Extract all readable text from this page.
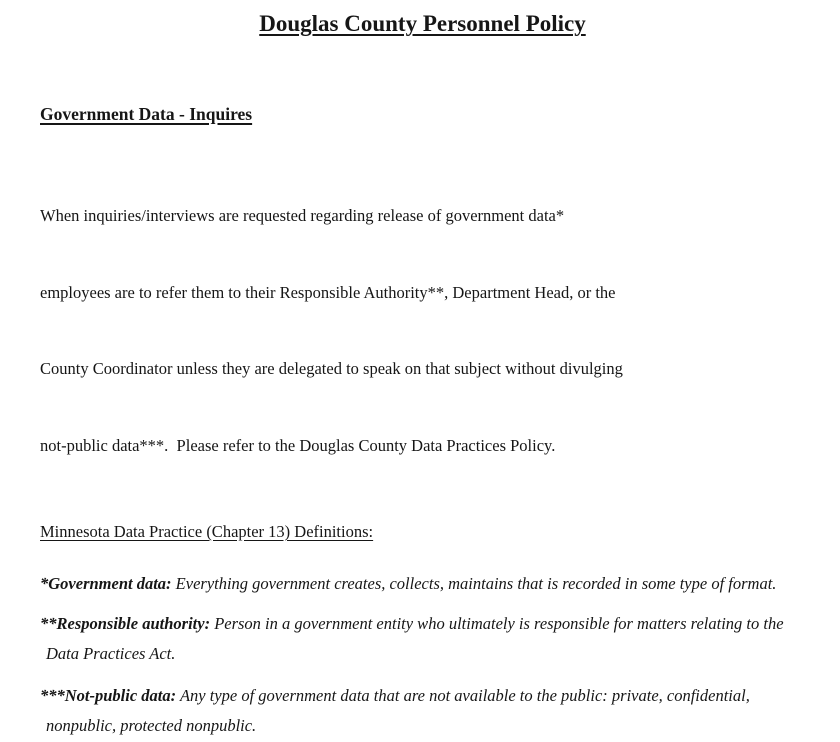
Douglas County Personnel Policy
Government Data - Inquires

When inquiries/interviews are requested regarding release of government data*

employees are to refer them to their Responsible Authority**, Department Head, or the

County Coordinator unless they are delegated to speak on that subject without divulging

not-public data***.  Please refer to the Douglas County Data Practices Policy.

Minnesota Data Practice (Chapter 13) Definitions:

*Government data: Everything government creates, collects, maintains that is recorded in some type of format.

**Responsible authority: Person in a government entity who ultimately is responsible for matters relating to the Data Practices Act.

***Not-public data: Any type of government data that are not available to the public: private, confidential, nonpublic, protected nonpublic.
